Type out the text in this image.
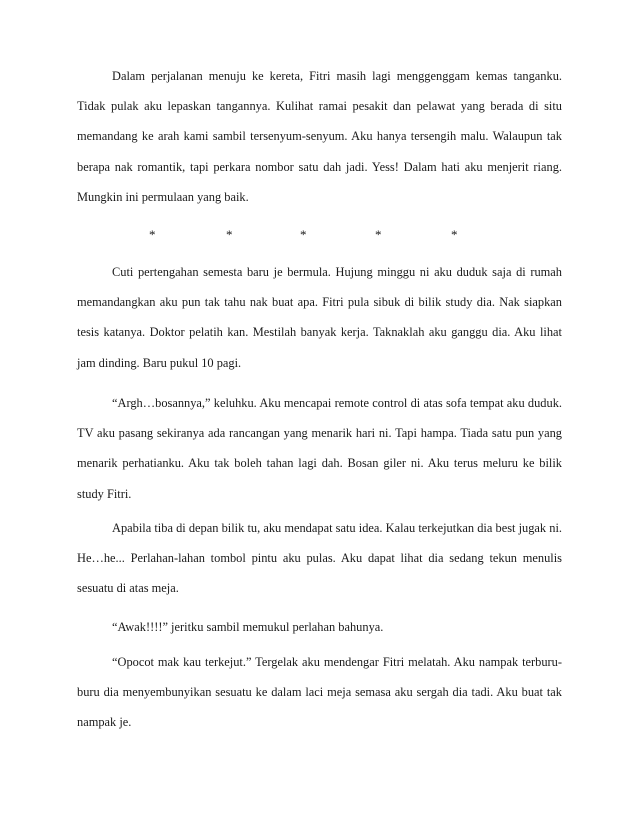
Dalam perjalanan menuju ke kereta, Fitri masih lagi menggenggam kemas tanganku. Tidak pulak aku lepaskan tangannya. Kulihat ramai pesakit dan pelawat yang berada di situ memandang ke arah kami sambil tersenyum-senyum. Aku hanya tersengih malu. Walaupun tak berapa nak romantik, tapi perkara nombor satu dah jadi. Yess! Dalam hati aku menjerit riang. Mungkin ini permulaan yang baik.

*	*	*	*	*

Cuti pertengahan semesta baru je bermula. Hujung minggu ni aku duduk saja di rumah memandangkan aku pun tak tahu nak buat apa. Fitri pula sibuk di bilik study dia. Nak siapkan tesis katanya. Doktor pelatih kan. Mestilah banyak kerja. Taknaklah aku ganggu dia. Aku lihat jam dinding. Baru pukul 10 pagi.

“Argh…bosannya,” keluhku. Aku mencapai remote control di atas sofa tempat aku duduk. TV aku pasang sekiranya ada rancangan yang menarik hari ni. Tapi hampa. Tiada satu pun yang menarik perhatianku. Aku tak boleh tahan lagi dah. Bosan giler ni. Aku terus meluru ke bilik study Fitri.

Apabila tiba di depan bilik tu, aku mendapat satu idea. Kalau terkejutkan dia best jugak ni. He…he... Perlahan-lahan tombol pintu aku pulas. Aku dapat lihat dia sedang tekun menulis sesuatu di atas meja.

“Awak!!!!” jeritku sambil memukul perlahan bahunya.

“Opocot mak kau terkejut.” Tergelak aku mendengar Fitri melatah. Aku nampak terburu-buru dia menyembunyikan sesuatu ke dalam laci meja semasa aku sergah dia tadi. Aku buat tak nampak je.
